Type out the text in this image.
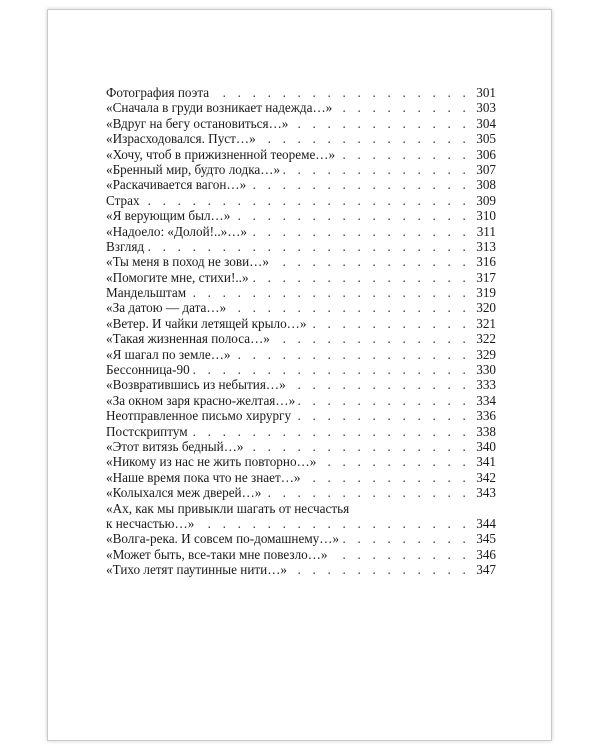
Фотография поэта . . .	301
«Сначала в груди возникает надежда…» . . .	303
«Вдруг на бегу остановиться…» . . .	304
«Израсходовался. Пуст…» . . .	305
«Хочу, чтоб в прижизненной теореме…» . . .	306
«Бренный мир, будто лодка…» . . .	307
«Раскачивается вагон…» . . .	308
Страх . . .	309
«Я верующим был…» . . .	310
«Надоело: «Долой!..»…» . . .	311
Взгляд . . .	313
«Ты меня в поход не зови…» . . .	316
«Помогите мне, стихи!..» . . .	317
Мандельштам . . .	319
«За датою — дата…» . . .	320
«Ветер. И чайки летящей крыло…» . . .	321
«Такая жизненная полоса…» . . .	322
«Я шагал по земле…» . . .	329
Бессонница-90 . . .	330
«Возвратившись из небытия…» . . .	333
«За окном заря красно-желтая…» . . .	334
Неотправленное письмо хирургу . . .	336
Постскриптум . . .	338
«Этот витязь бедный…» . . .	340
«Никому из нас не жить повторно…» . . .	341
«Наше время пока что не знает…» . . .	342
«Колыхался меж дверей…» . . .	343
«Ах, как мы привыкли шагать от несчастья
к несчастью…» . . .	344
«Волга-река. И совсем по-домашнему…» . . .	345
«Может быть, все-таки мне повезло…» . . .	346
«Тихо летят паутинные нити…» . . .	347
